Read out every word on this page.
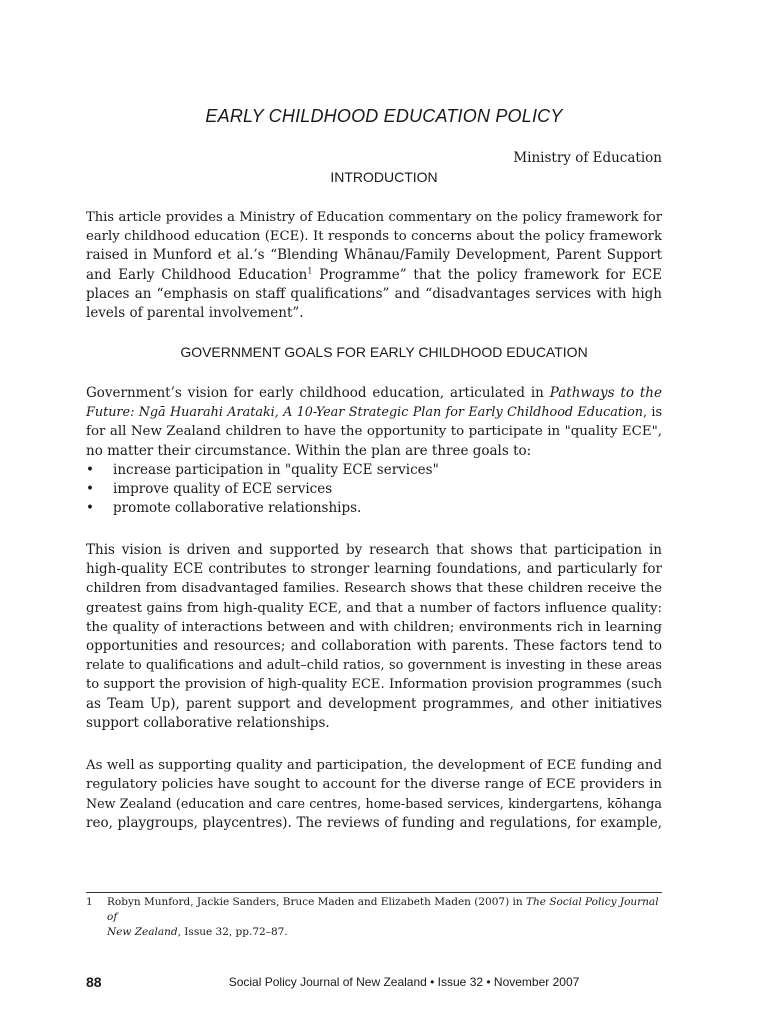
EARLY CHILDHOOD EDUCATION POLICY
Ministry of Education
INTRODUCTION
This article provides a Ministry of Education commentary on the policy framework for
early childhood education (ECE). It responds to concerns about the policy framework
raised in Munford et al.’s “Blending Whānau/Family Development, Parent Support
and Early Childhood Education$^1$ Programme” that the policy framework for ECE
places an “emphasis on staff qualifications” and “disadvantages services with high
levels of parental involvement”.
GOVERNMENT GOALS FOR EARLY CHILDHOOD EDUCATION
Government’s vision for early childhood education, articulated in Pathways to the
Future: Ngā Huarahi Arataki, A 10-Year Strategic Plan for Early Childhood Education, is
for all New Zealand children to have the opportunity to participate in "quality ECE",
no matter their circumstance. Within the plan are three goals to:
• increase participation in "quality ECE services"
• improve quality of ECE services
• promote collaborative relationships.
This vision is driven and supported by research that shows that participation in
high-quality ECE contributes to stronger learning foundations, and particularly for
children from disadvantaged families. Research shows that these children receive the
greatest gains from high-quality ECE, and that a number of factors influence quality:
the quality of interactions between and with children; environments rich in learning
opportunities and resources; and collaboration with parents. These factors tend to
relate to qualifications and adult–child ratios, so government is investing in these areas
to support the provision of high-quality ECE. Information provision programmes (such
as Team Up), parent support and development programmes, and other initiatives
support collaborative relationships.
As well as supporting quality and participation, the development of ECE funding and
regulatory policies have sought to account for the diverse range of ECE providers in
New Zealand (education and care centres, home-based services, kindergartens, kōhanga
reo, playgroups, playcentres). The reviews of funding and regulations, for example,
1	Robyn Munford, Jackie Sanders, Bruce Maden and Elizabeth Maden (2007) in The Social Policy Journal of
New Zealand, Issue 32, pp.72–87.
88	Social Policy Journal of New Zealand • Issue 32 • November 2007
